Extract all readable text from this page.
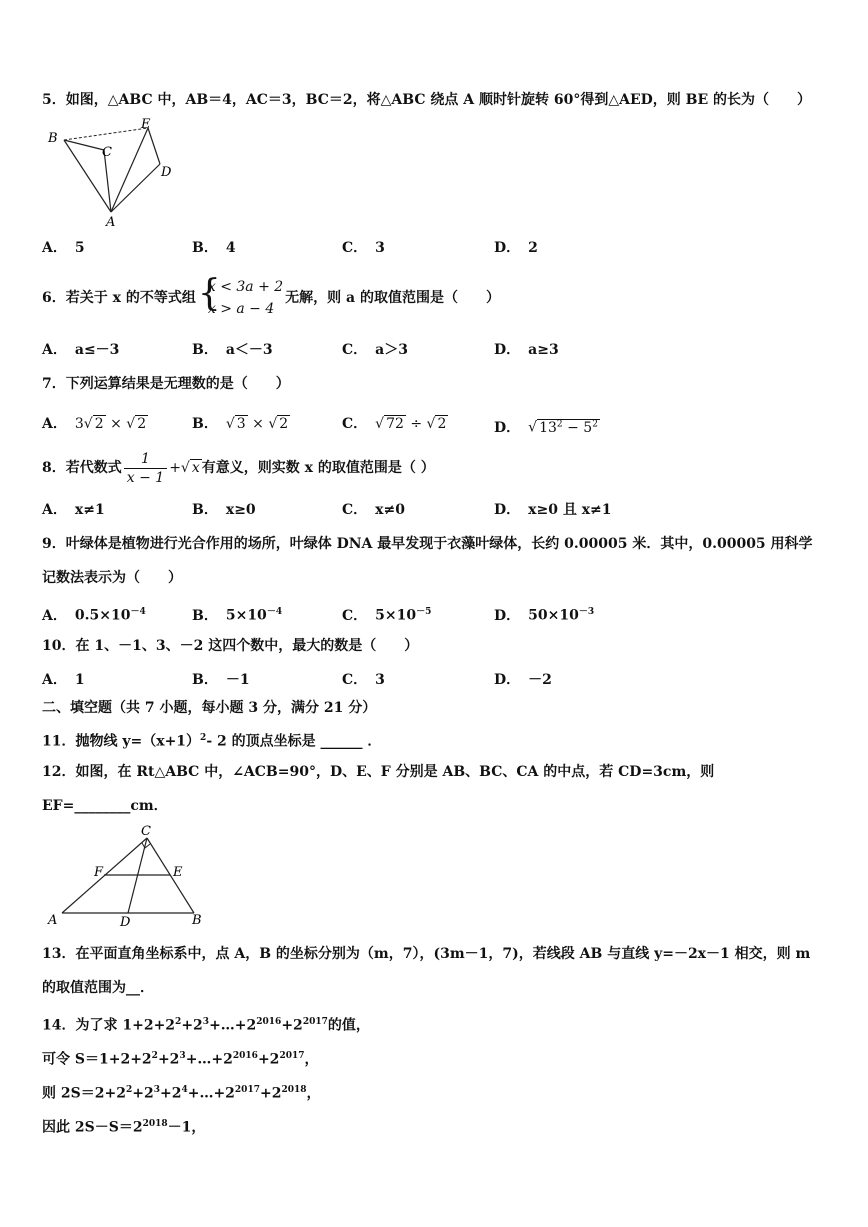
5．如图，△ABC 中，AB＝4，AC＝3，BC＝2，将△ABC 绕点 A 顺时针旋转 60°得到△AED，则 BE 的长为（　　）
B
C
E
D
A
A． 5	B． 4	C． 3	D． 2
6．若关于 x 的不等式组 {
x < 3a + 2
x > a − 4
无解，则 a 的取值范围是（　　）
A． a≤－3	B． a＜－3	C． a＞3	D． a≥3
7．下列运算结果是无理数的是（　　）
A． 3√ 2 × √ 2	B． √ 3 × √ 2	C． √ 72 ÷ √ 2	D． √ $13^2 - 5^2$
8．若代数式 $\frac{1}{x - 1}$ +√ x 有意义，则实数 x 的取值范围是（ ）
A． x≠1	B． x≥0	C． x≠0	D． x≥0 且 x≠1
9．叶绿体是植物进行光合作用的场所，叶绿体 DNA 最早发现于衣藻叶绿体，长约 0.00005 米．其中，0.00005 用科学
记数法表示为（　　）
A． $0.5\times 10^{-4}$	B． $5\times 10^{-4}$	C． $5\times 10^{-5}$	D． $50\times 10^{-3}$
10．在 1、－1、3、－2 这四个数中，最大的数是（　　）
A． 1	B． －1	C． 3	D． －2
二、填空题（共 7 小题，每小题 3 分，满分 21 分）
11．抛物线 $y=(x+1)^2-$ 2 的顶点坐标是 ______ ．
12．如图，在 Rt△ABC 中，∠ACB=90°，D、E、F 分别是 AB、BC、CA 的中点，若 CD=3cm，则
EF=________cm．
C
F	E
A	D	B
13．在平面直角坐标系中，点 A，B 的坐标分别为（m，7），(3m－1，7)，若线段 AB 与直线 y=－2x－1 相交，则 m
的取值范围为__．
14．为了求 $1+2+2^2+2^3+\dots+2^{2016}+2^{2017}$的值，
可令 $S=1+2+2^2+2^3+\dots+2^{2016}+2^{2017}$，
则 $2S=2+2^2+2^3+2^4+\dots+2^{2017}+2^{2018}$，
因此 $2S-S=2^{2018}-1$，
